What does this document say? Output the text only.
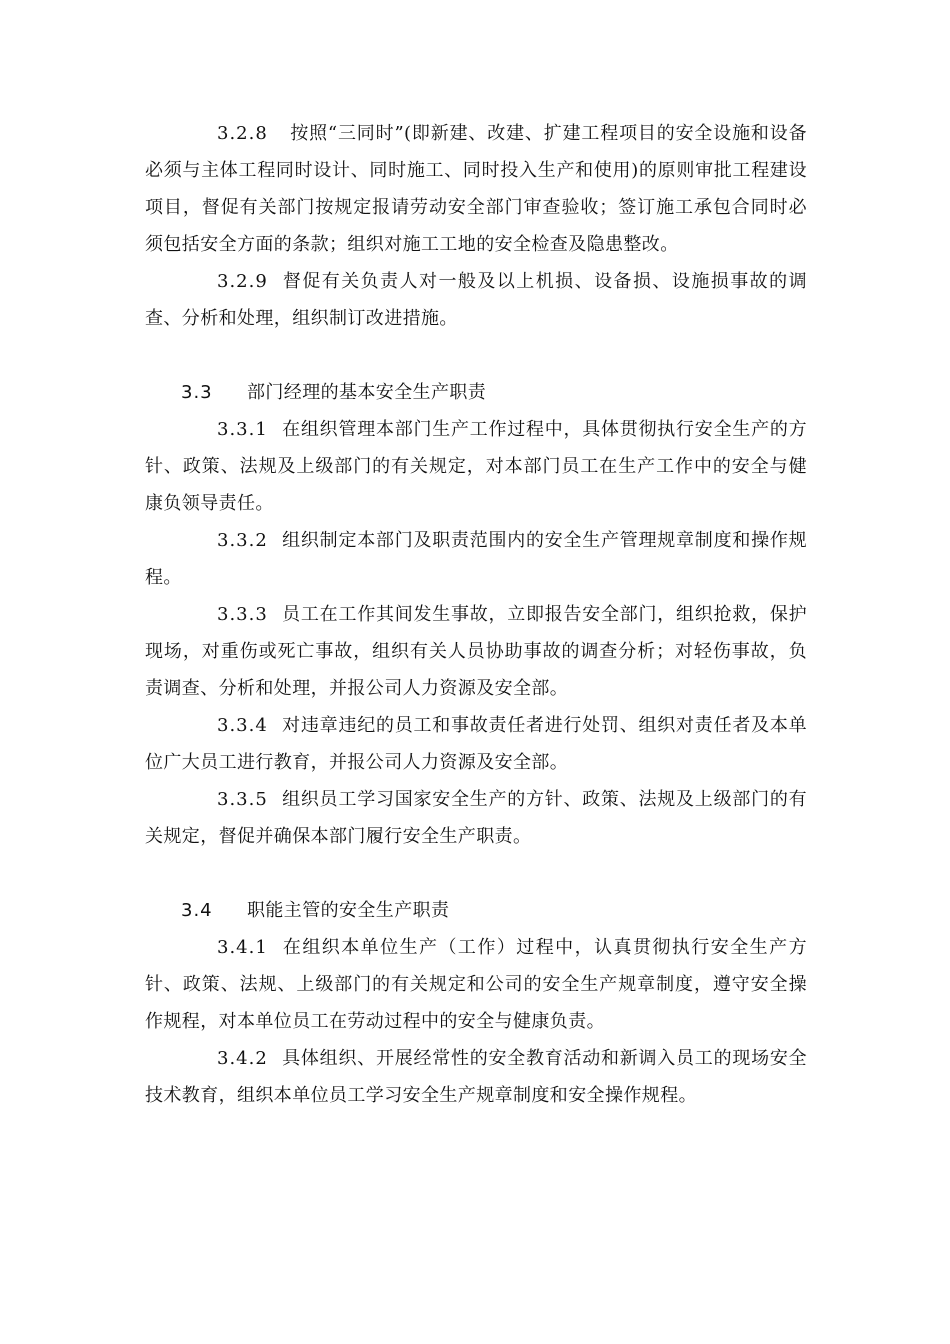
3.2.8 按照“三同时”(即新建、改建、扩建工程项目的安全设施和设备必须与主体工程同时设计、同时施工、同时投入生产和使用)的原则审批工程建设项目，督促有关部门按规定报请劳动安全部门审查验收；签订施工承包合同时必须包括安全方面的条款；组织对施工工地的安全检查及隐患整改。

3.2.9 督促有关负责人对一般及以上机损、设备损、设施损事故的调查、分析和处理，组织制订改进措施。

3.3 部门经理的基本安全生产职责

3.3.1 在组织管理本部门生产工作过程中，具体贯彻执行安全生产的方针、政策、法规及上级部门的有关规定，对本部门员工在生产工作中的安全与健康负领导责任。

3.3.2 组织制定本部门及职责范围内的安全生产管理规章制度和操作规程。

3.3.3 员工在工作其间发生事故，立即报告安全部门，组织抢救，保护现场，对重伤或死亡事故，组织有关人员协助事故的调查分析；对轻伤事故，负责调查、分析和处理，并报公司人力资源及安全部。

3.3.4 对违章违纪的员工和事故责任者进行处罚、组织对责任者及本单位广大员工进行教育，并报公司人力资源及安全部。

3.3.5 组织员工学习国家安全生产的方针、政策、法规及上级部门的有关规定，督促并确保本部门履行安全生产职责。

3.4 职能主管的安全生产职责

3.4.1 在组织本单位生产（工作）过程中，认真贯彻执行安全生产方针、政策、法规、上级部门的有关规定和公司的安全生产规章制度，遵守安全操作规程，对本单位员工在劳动过程中的安全与健康负责。

3.4.2 具体组织、开展经常性的安全教育活动和新调入员工的现场安全技术教育，组织本单位员工学习安全生产规章制度和安全操作规程。
